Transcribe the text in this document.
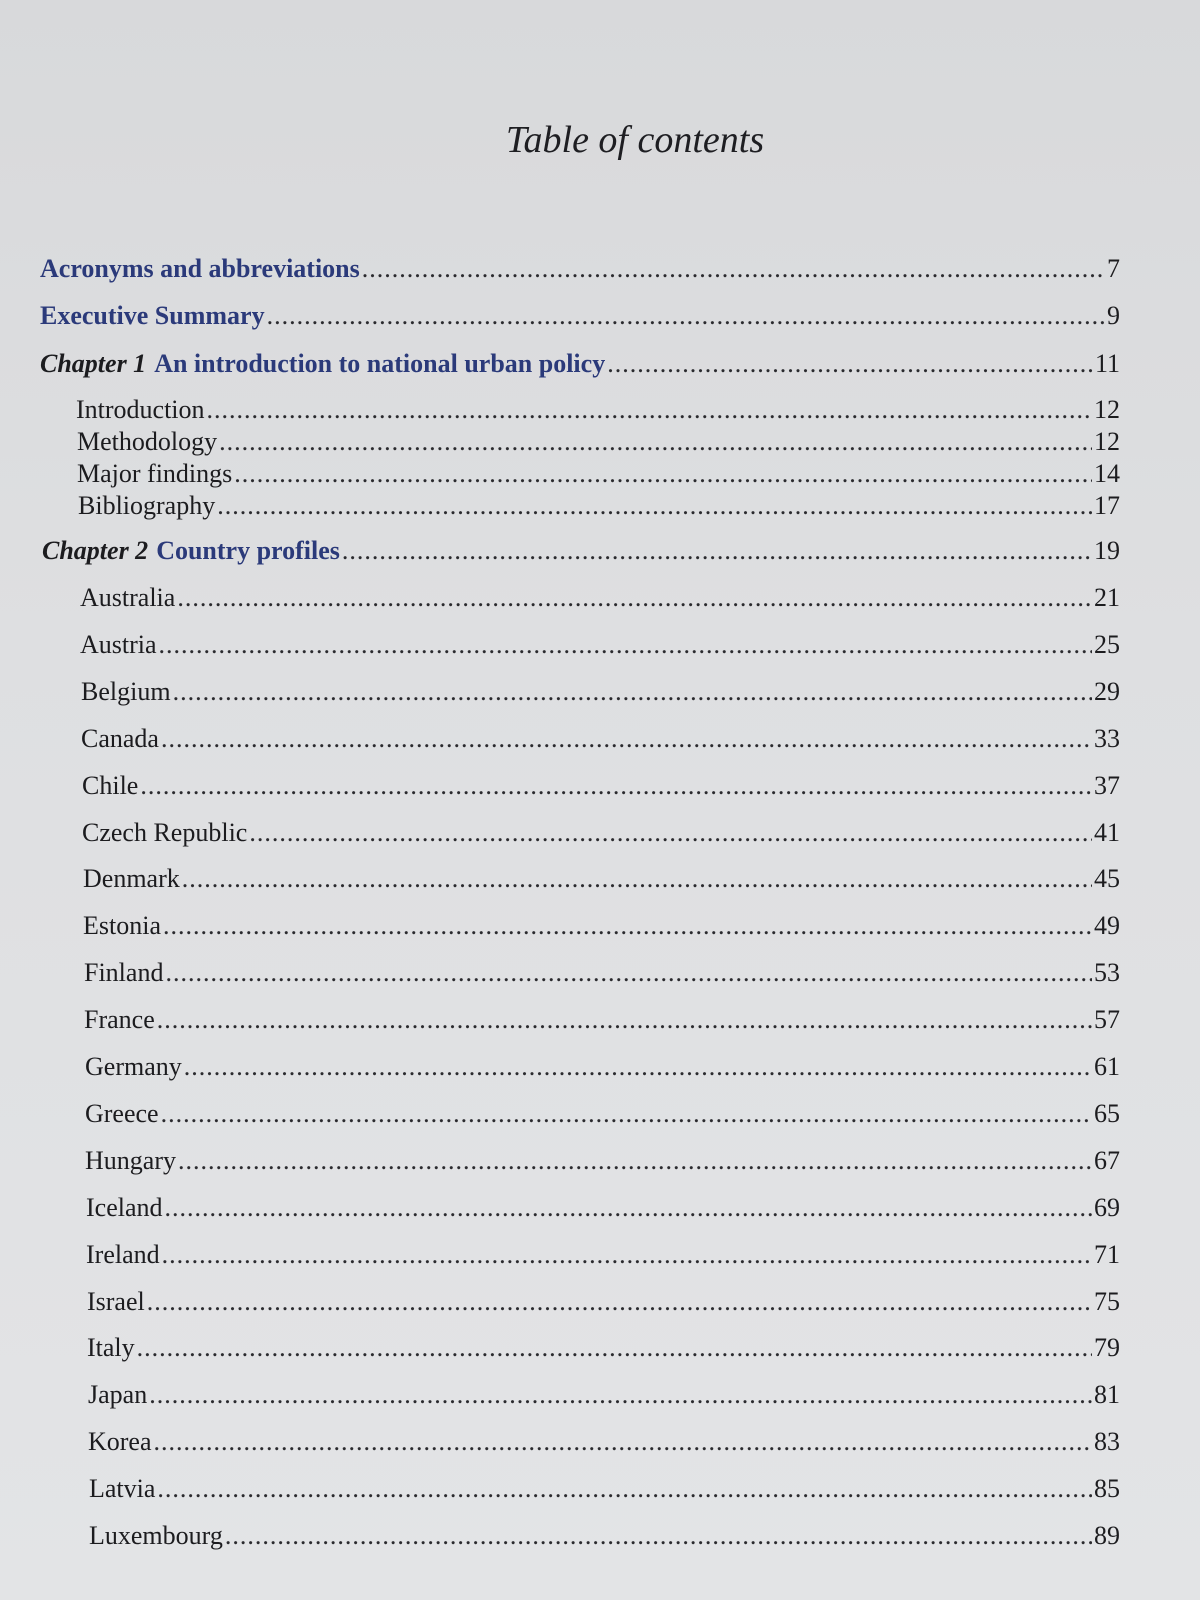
Table of contents
Acronyms and abbreviations .....	7
Executive Summary .....	9
Chapter 1 An introduction to national urban policy .....	11
Introduction .....	12
Methodology .....	12
Major findings .....	14
Bibliography .....	17
Chapter 2 Country profiles .....	19
Australia .....	21
Austria .....	25
Belgium .....	29
Canada .....	33
Chile .....	37
Czech Republic .....	41
Denmark .....	45
Estonia .....	49
Finland .....	53
France .....	57
Germany .....	61
Greece .....	65
Hungary .....	67
Iceland .....	69
Ireland .....	71
Israel .....	75
Italy .....	79
Japan .....	81
Korea .....	83
Latvia .....	85
Luxembourg .....	89
